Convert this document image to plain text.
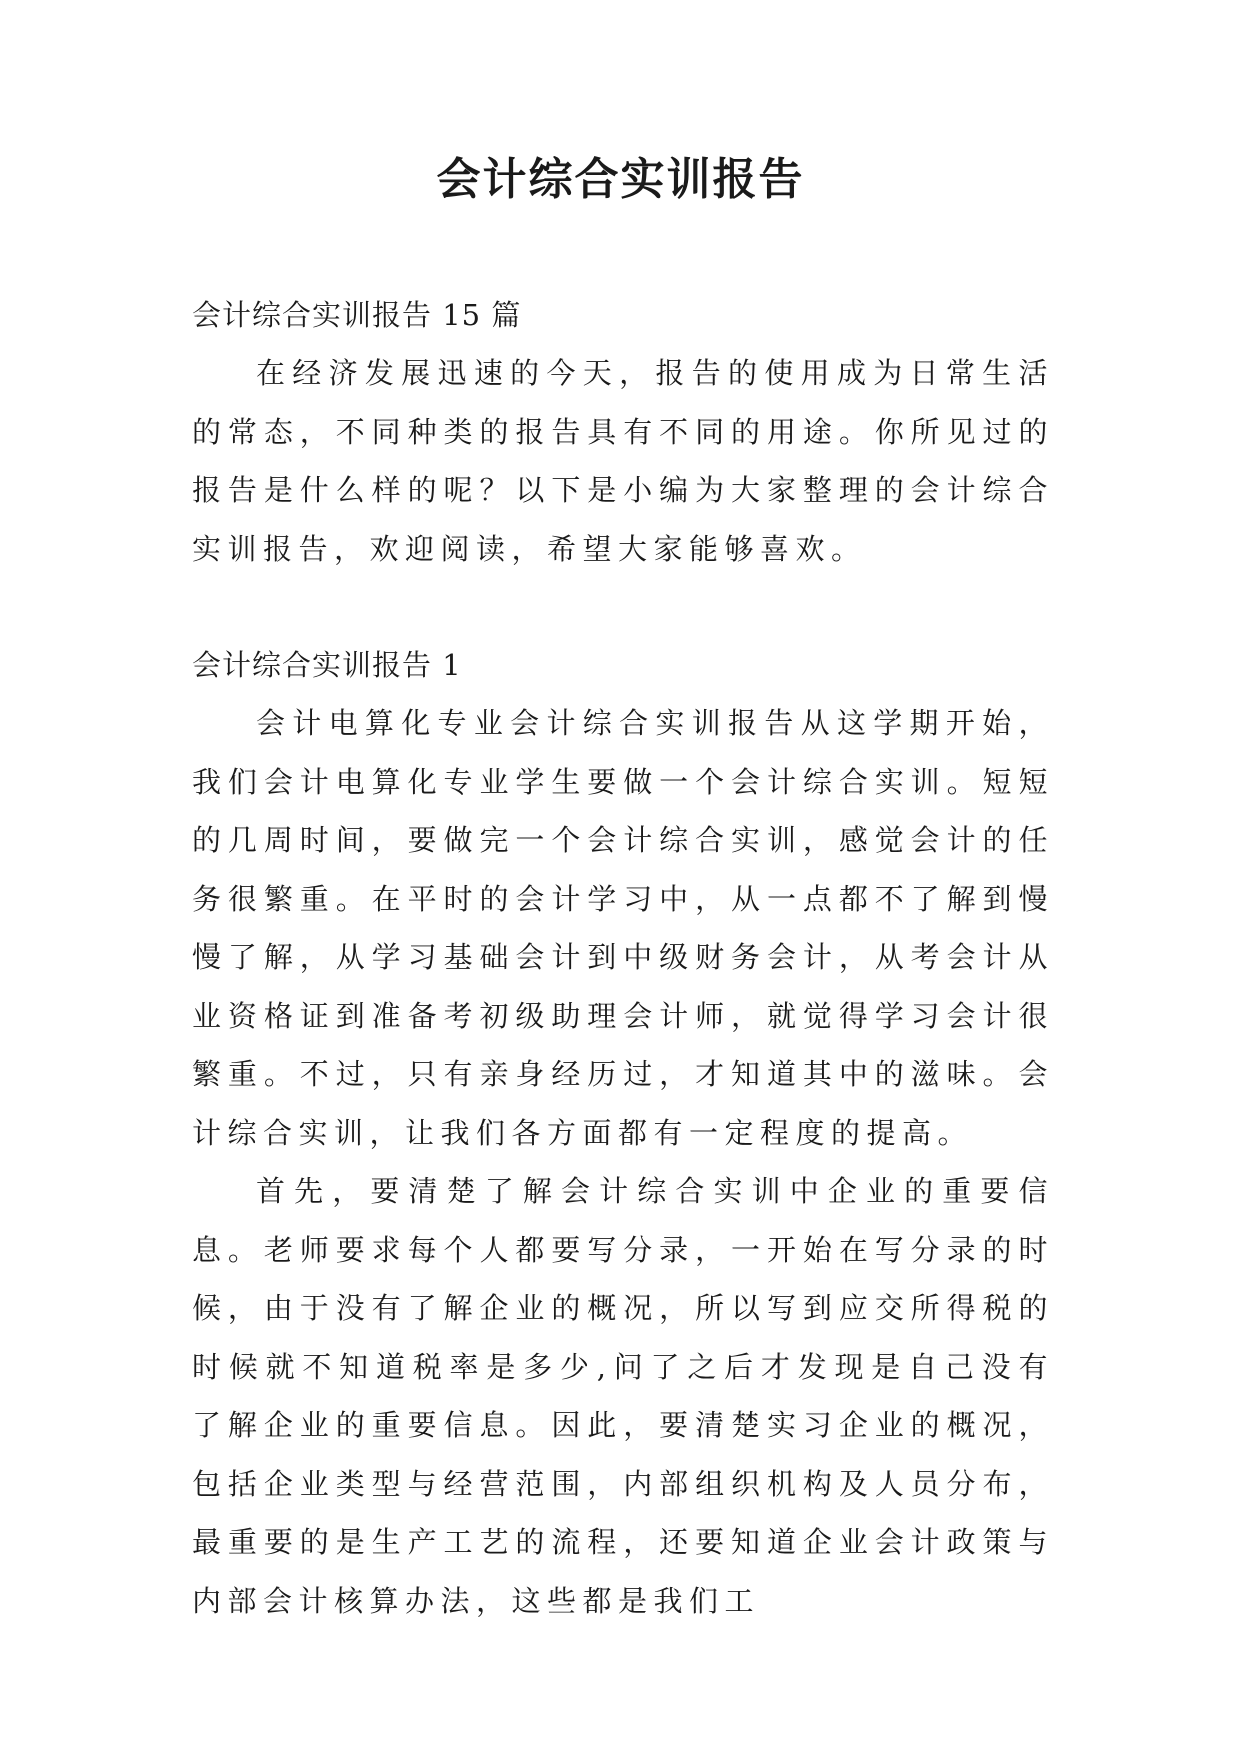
会计综合实训报告

会计综合实训报告 15 篇

在经济发展迅速的今天，报告的使用成为日常生活的常态，不同种类的报告具有不同的用途。你所见过的报告是什么样的呢？以下是小编为大家整理的会计综合实训报告，欢迎阅读，希望大家能够喜欢。

会计综合实训报告 1

会计电算化专业会计综合实训报告从这学期开始，我们会计电算化专业学生要做一个会计综合实训。短短的几周时间，要做完一个会计综合实训，感觉会计的任务很繁重。在平时的会计学习中，从一点都不了解到慢慢了解，从学习基础会计到中级财务会计，从考会计从业资格证到准备考初级助理会计师，就觉得学习会计很繁重。不过，只有亲身经历过，才知道其中的滋味。会计综合实训，让我们各方面都有一定程度的提高。

首先，要清楚了解会计综合实训中企业的重要信息。老师要求每个人都要写分录，一开始在写分录的时候，由于没有了解企业的概况，所以写到应交所得税的时候就不知道税率是多少,问了之后才发现是自己没有了解企业的重要信息。因此，要清楚实习企业的概况，包括企业类型与经营范围，内部组织机构及人员分布，最重要的是生产工艺的流程，还要知道企业会计政策与内部会计核算办法，这些都是我们工
